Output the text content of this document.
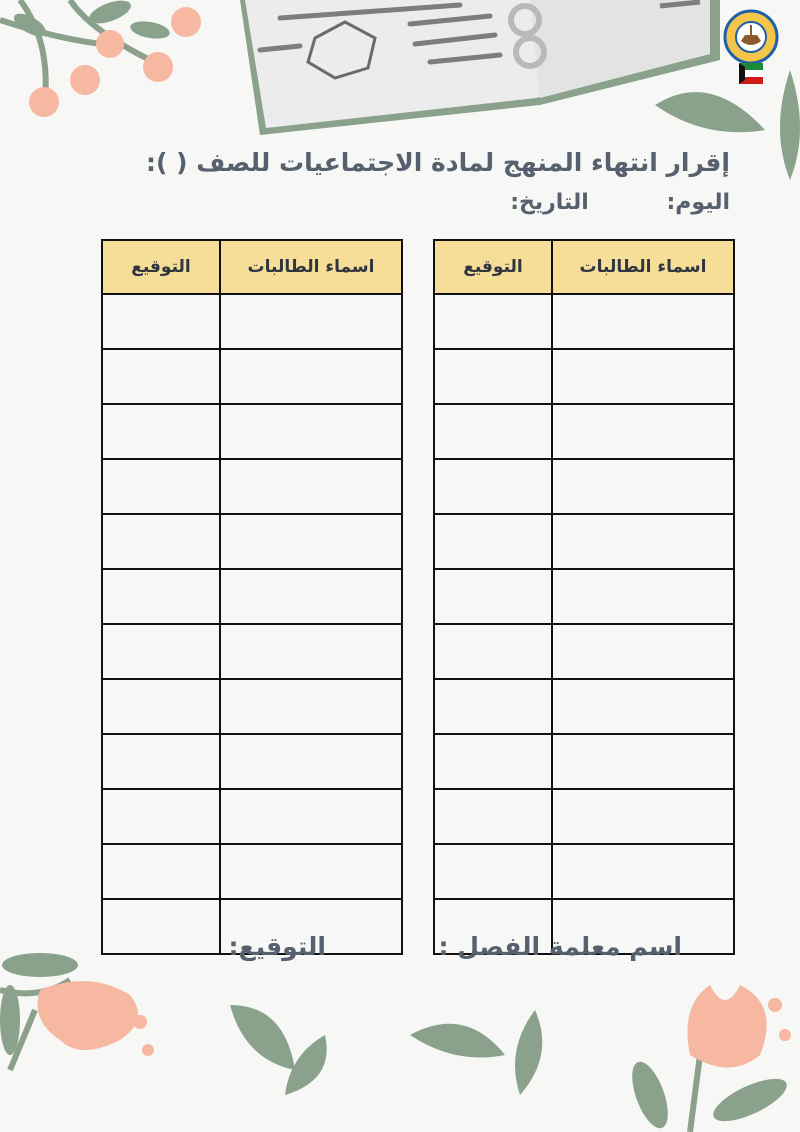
إقرار انتهاء المنهج لمادة الاجتماعيات للصف ( ):
اليوم: التاريخ:
اسماء الطالبات	التوقيع

اسماء الطالبات	التوقيع

اسم معلمة الفصل :
التوقيع:
